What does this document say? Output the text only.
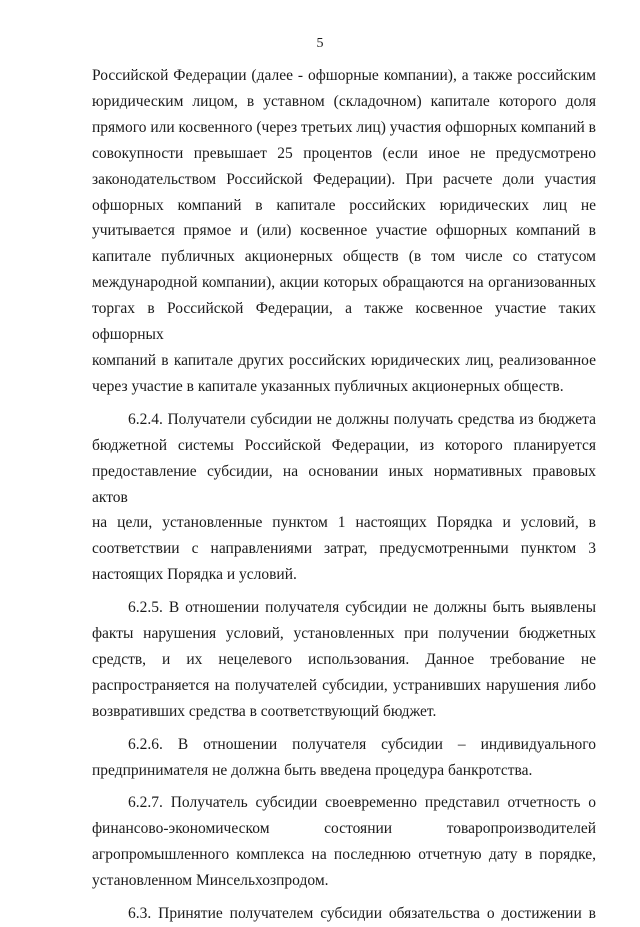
5

Российской Федерации (далее - офшорные компании), а также российским

юридическим лицом, в уставном (складочном) капитале которого доля

прямого или косвенного (через третьих лиц) участия офшорных компаний в

совокупности превышает 25 процентов (если иное не предусмотрено

законодательством Российской Федерации). При расчете доли участия

офшорных компаний в капитале российских юридических лиц не

учитывается прямое и (или) косвенное участие офшорных компаний в

капитале публичных акционерных обществ (в том числе со статусом

международной компании), акции которых обращаются на организованных

торгах в Российской Федерации, а также косвенное участие таких офшорных

компаний в капитале других российских юридических лиц, реализованное

через участие в капитале указанных публичных акционерных обществ.

6.2.4. Получатели субсидии не должны получать средства из бюджета

бюджетной системы Российской Федерации, из которого планируется

предоставление субсидии, на основании иных нормативных правовых актов

на цели, установленные пунктом 1 настоящих Порядка и условий, в

соответствии с направлениями затрат, предусмотренными пунктом 3

настоящих Порядка и условий.

6.2.5. В отношении получателя субсидии не должны быть выявлены

факты нарушения условий, установленных при получении бюджетных

средств, и их нецелевого использования. Данное требование не

распространяется на получателей субсидии, устранивших нарушения либо

возвративших средства в соответствующий бюджет.

6.2.6. В отношении получателя субсидии – индивидуального

предпринимателя не должна быть введена процедура банкротства.

6.2.7. Получатель субсидии своевременно представил отчетность о

финансово-экономическом состоянии товаропроизводителей

агропромышленного комплекса на последнюю отчетную дату в порядке,

установленном Минсельхозпродом.

6.3. Принятие получателем субсидии обязательства о достижении в
